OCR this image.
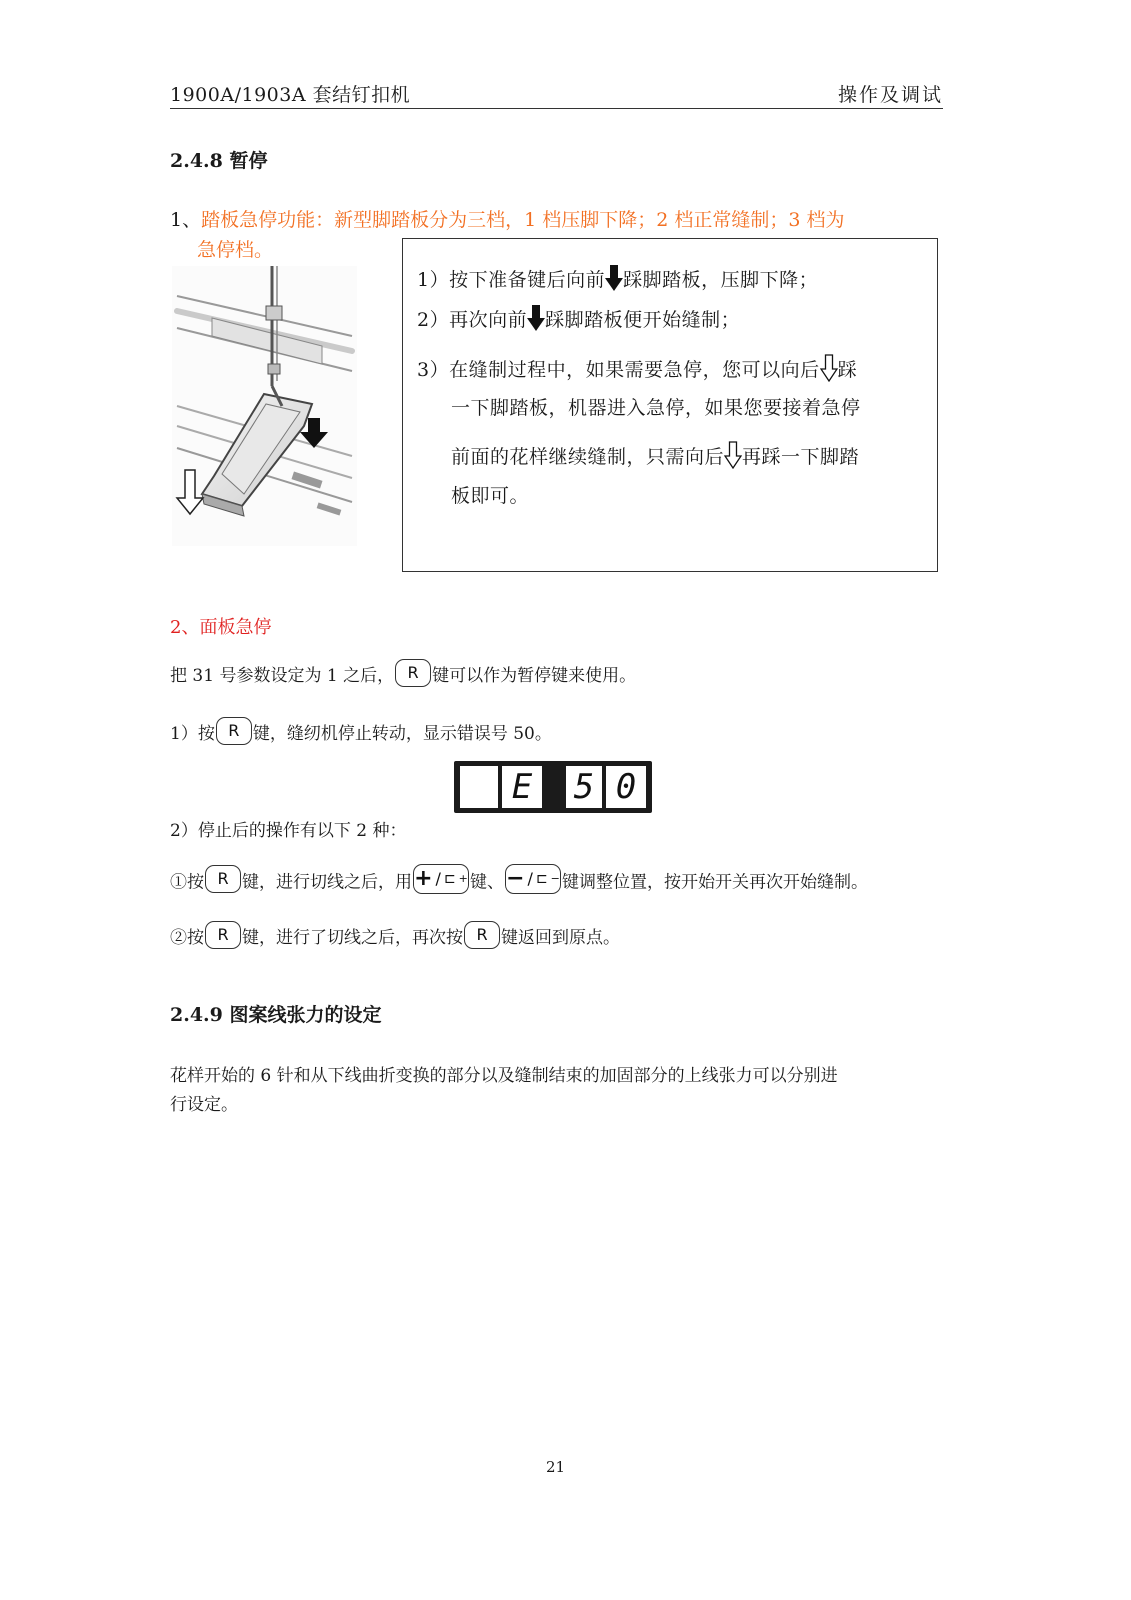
1900A/1903A 套结钉扣机	操作及调试
2.4.8 暂停
1、踏板急停功能：新型脚踏板分为三档，1 档压脚下降；2 档正常缝制；3 档为
急停档。
1）按下准备键后向前 踩脚踏板，压脚下降；
2）再次向前 踩脚踏板便开始缝制；
3）在缝制过程中，如果需要急停，您可以向后 踩
一下脚踏板，机器进入急停，如果您要接着急停
前面的花样继续缝制，只需向后 再踩一下脚踏
板即可。
2、面板急停
把 31 号参数设定为 1 之后， R 键可以作为暂停键来使用。
1）按 R 键，缝纫机停止转动，显示错误号 50。
E 5 0
2）停止后的操作有以下 2 种：
①按 R 键，进行切线之后，用 + / ⊏ + 键、 − / ⊏ − 键调整位置，按开始开关再次开始缝制。
②按 R 键，进行了切线之后，再次按 R 键返回到原点。
2.4.9 图案线张力的设定
花样开始的 6 针和从下线曲折变换的部分以及缝制结束的加固部分的上线张力可以分别进
行设定。
21
